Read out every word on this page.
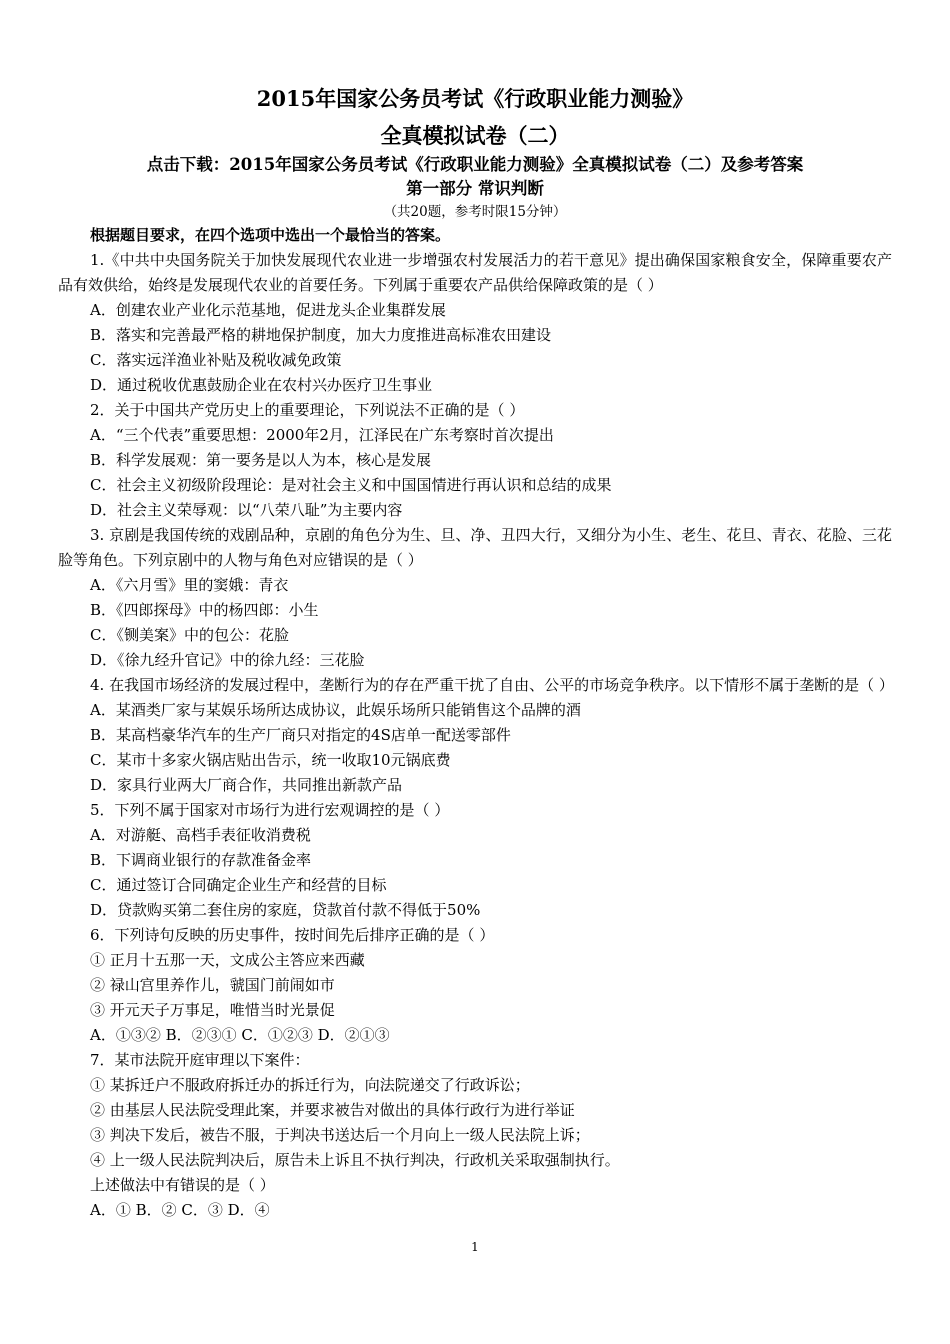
2015年国家公务员考试《行政职业能力测验》
全真模拟试卷（二）
点击下载：2015年国家公务员考试《行政职业能力测验》全真模拟试卷（二）及参考答案
第一部分 常识判断
（共20题，参考时限15分钟）
根据题目要求，在四个选项中选出一个最恰当的答案。
1.《中共中央国务院关于加快发展现代农业进一步增强农村发展活力的若干意见》提出确保国家粮食安全，保障重要农产品有效供给，始终是发展现代农业的首要任务。下列属于重要农产品供给保障政策的是（ ）
A．创建农业产业化示范基地，促进龙头企业集群发展
B．落实和完善最严格的耕地保护制度，加大力度推进高标准农田建设
C．落实远洋渔业补贴及税收减免政策
D．通过税收优惠鼓励企业在农村兴办医疗卫生事业
2．关于中国共产党历史上的重要理论，下列说法不正确的是（ ）
A．“三个代表”重要思想：2000年2月，江泽民在广东考察时首次提出
B．科学发展观：第一要务是以人为本，核心是发展
C．社会主义初级阶段理论：是对社会主义和中国国情进行再认识和总结的成果
D．社会主义荣辱观：以“八荣八耻”为主要内容
3. 京剧是我国传统的戏剧品种，京剧的角色分为生、旦、净、丑四大行，又细分为小生、老生、花旦、青衣、花脸、三花脸等角色。下列京剧中的人物与角色对应错误的是（ ）
A．《六月雪》里的窦娥：青衣
B．《四郎探母》中的杨四郎：小生
C．《铡美案》中的包公：花脸
D．《徐九经升官记》中的徐九经：三花脸
4. 在我国市场经济的发展过程中，垄断行为的存在严重干扰了自由、公平的市场竞争秩序。以下情形不属于垄断的是（ ）
A．某酒类厂家与某娱乐场所达成协议，此娱乐场所只能销售这个品牌的酒
B．某高档豪华汽车的生产厂商只对指定的4S店单一配送零部件
C．某市十多家火锅店贴出告示，统一收取10元锅底费
D．家具行业两大厂商合作，共同推出新款产品
5．下列不属于国家对市场行为进行宏观调控的是（ ）
A．对游艇、高档手表征收消费税
B．下调商业银行的存款准备金率
C．通过签订合同确定企业生产和经营的目标
D．贷款购买第二套住房的家庭，贷款首付款不得低于50%
6．下列诗句反映的历史事件，按时间先后排序正确的是（ ）
① 正月十五那一天，文成公主答应来西藏
② 禄山宫里养作儿，虢国门前闹如市
③ 开元天子万事足，唯惜当时光景促
A．①③② B．②③① C．①②③ D．②①③
7．某市法院开庭审理以下案件：
① 某拆迁户不服政府拆迁办的拆迁行为，向法院递交了行政诉讼；
② 由基层人民法院受理此案，并要求被告对做出的具体行政行为进行举证
③ 判决下发后，被告不服，于判决书送达后一个月向上一级人民法院上诉；
④ 上一级人民法院判决后，原告未上诉且不执行判决，行政机关采取强制执行。
上述做法中有错误的是（ ）
A．① B．② C．③ D．④
1
